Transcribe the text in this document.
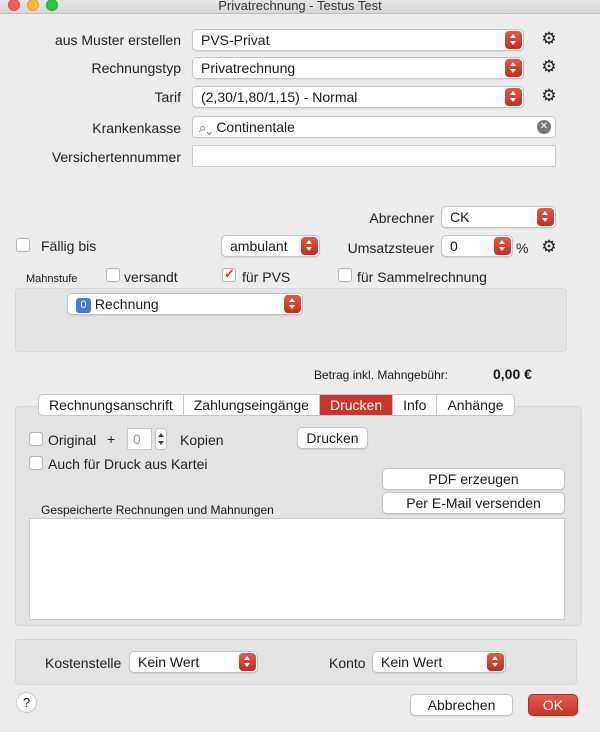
Privatrechnung - Testus Test
aus Muster erstellen	PVS-Privat	⚙
Rechnungstyp	Privatrechnung	⚙
Tarif	(2,30/1,80/1,15) - Normal	⚙
Krankenkasse	⌕⌄ Continentale	✕
Versichertennummer
Abrechner	CK
Fällig bis	ambulant	Umsatzsteuer	0	% ⚙
Mahnstufe	versandt
✓	für PVS	für Sammelrechnung
0 Rechnung
Betrag inkl. Mahngebühr:	0,00 €
Rechnungsanschrift	Zahlungseingänge	Drucken	Info	Anhänge
Original +	0	Kopien	Drucken
Auch für Druck aus Kartei
PDF erzeugen
Per E-Mail versenden
Gespeicherte Rechnungen und Mahnungen
Kostenstelle	Kein Wert	Konto	Kein Wert
?	Abbrechen	OK
